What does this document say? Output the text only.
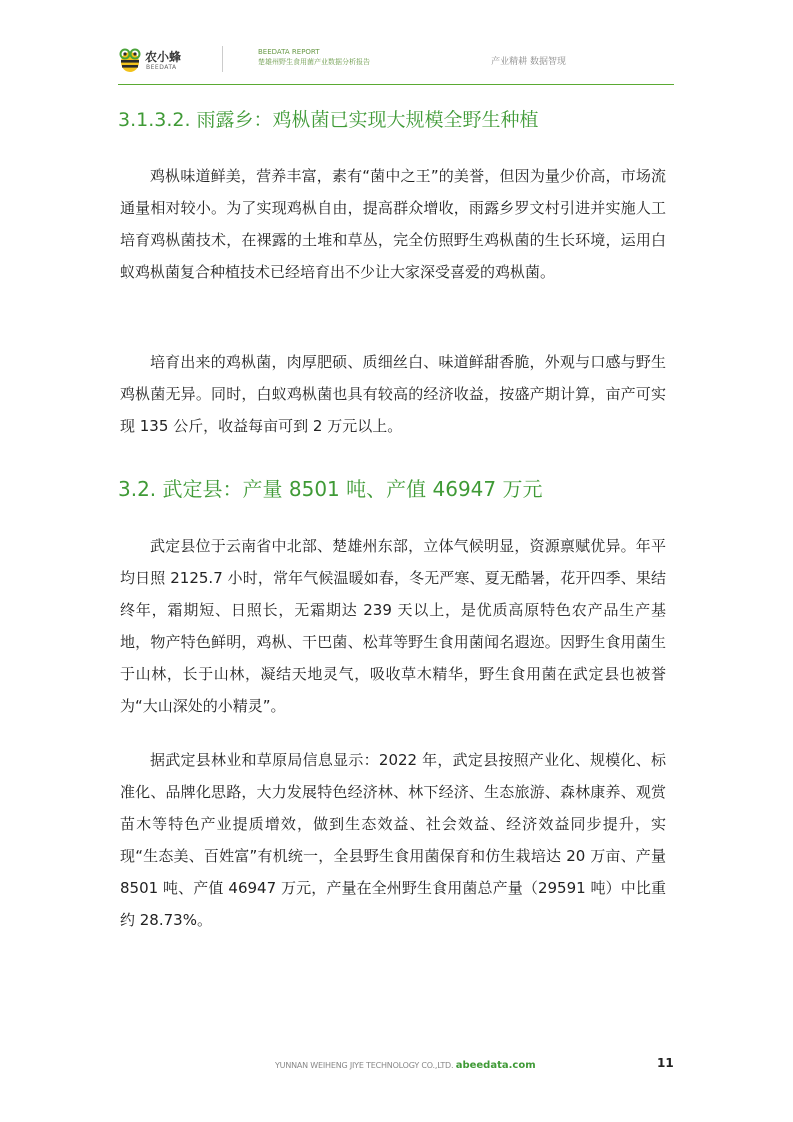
农小蜂
BEEDATA
BEEDATA REPORT
楚雄州野生食用菌产业数据分析报告	产业精耕 数据智现
3.1.3.2. 雨露乡：鸡枞菌已实现大规模全野生种植

鸡枞味道鲜美，营养丰富，素有“菌中之王”的美誉，但因为量少价高，市场流通量相对较小。为了实现鸡枞自由，提高群众增收，雨露乡罗文村引进并实施人工培育鸡枞菌技术，在裸露的土堆和草丛，完全仿照野生鸡枞菌的生长环境，运用白蚁鸡枞菌复合种植技术已经培育出不少让大家深受喜爱的鸡枞菌。

培育出来的鸡枞菌，肉厚肥硕、质细丝白、味道鲜甜香脆，外观与口感与野生鸡枞菌无异。同时，白蚁鸡枞菌也具有较高的经济收益，按盛产期计算，亩产可实现 135 公斤，收益每亩可到 2 万元以上。

3.2. 武定县：产量 8501 吨、产值 46947 万元

武定县位于云南省中北部、楚雄州东部，立体气候明显，资源禀赋优异。年平均日照 2125.7 小时，常年气候温暖如春，冬无严寒、夏无酷暑，花开四季、果结终年，霜期短、日照长，无霜期达 239 天以上，是优质高原特色农产品生产基地，物产特色鲜明，鸡枞、干巴菌、松茸等野生食用菌闻名遐迩。因野生食用菌生于山林，长于山林，凝结天地灵气，吸收草木精华，野生食用菌在武定县也被誉为“大山深处的小精灵”。

据武定县林业和草原局信息显示：2022 年，武定县按照产业化、规模化、标准化、品牌化思路，大力发展特色经济林、林下经济、生态旅游、森林康养、观赏苗木等特色产业提质增效，做到生态效益、社会效益、经济效益同步提升，实现“生态美、百姓富”有机统一，全县野生食用菌保育和仿生栽培达 20 万亩、产量 8501 吨、产值 46947 万元，产量在全州野生食用菌总产量（29591 吨）中比重约 28.73%。

YUNNAN WEIHENG JIYE TECHNOLOGY CO.,LTD. abeedata.com	11
